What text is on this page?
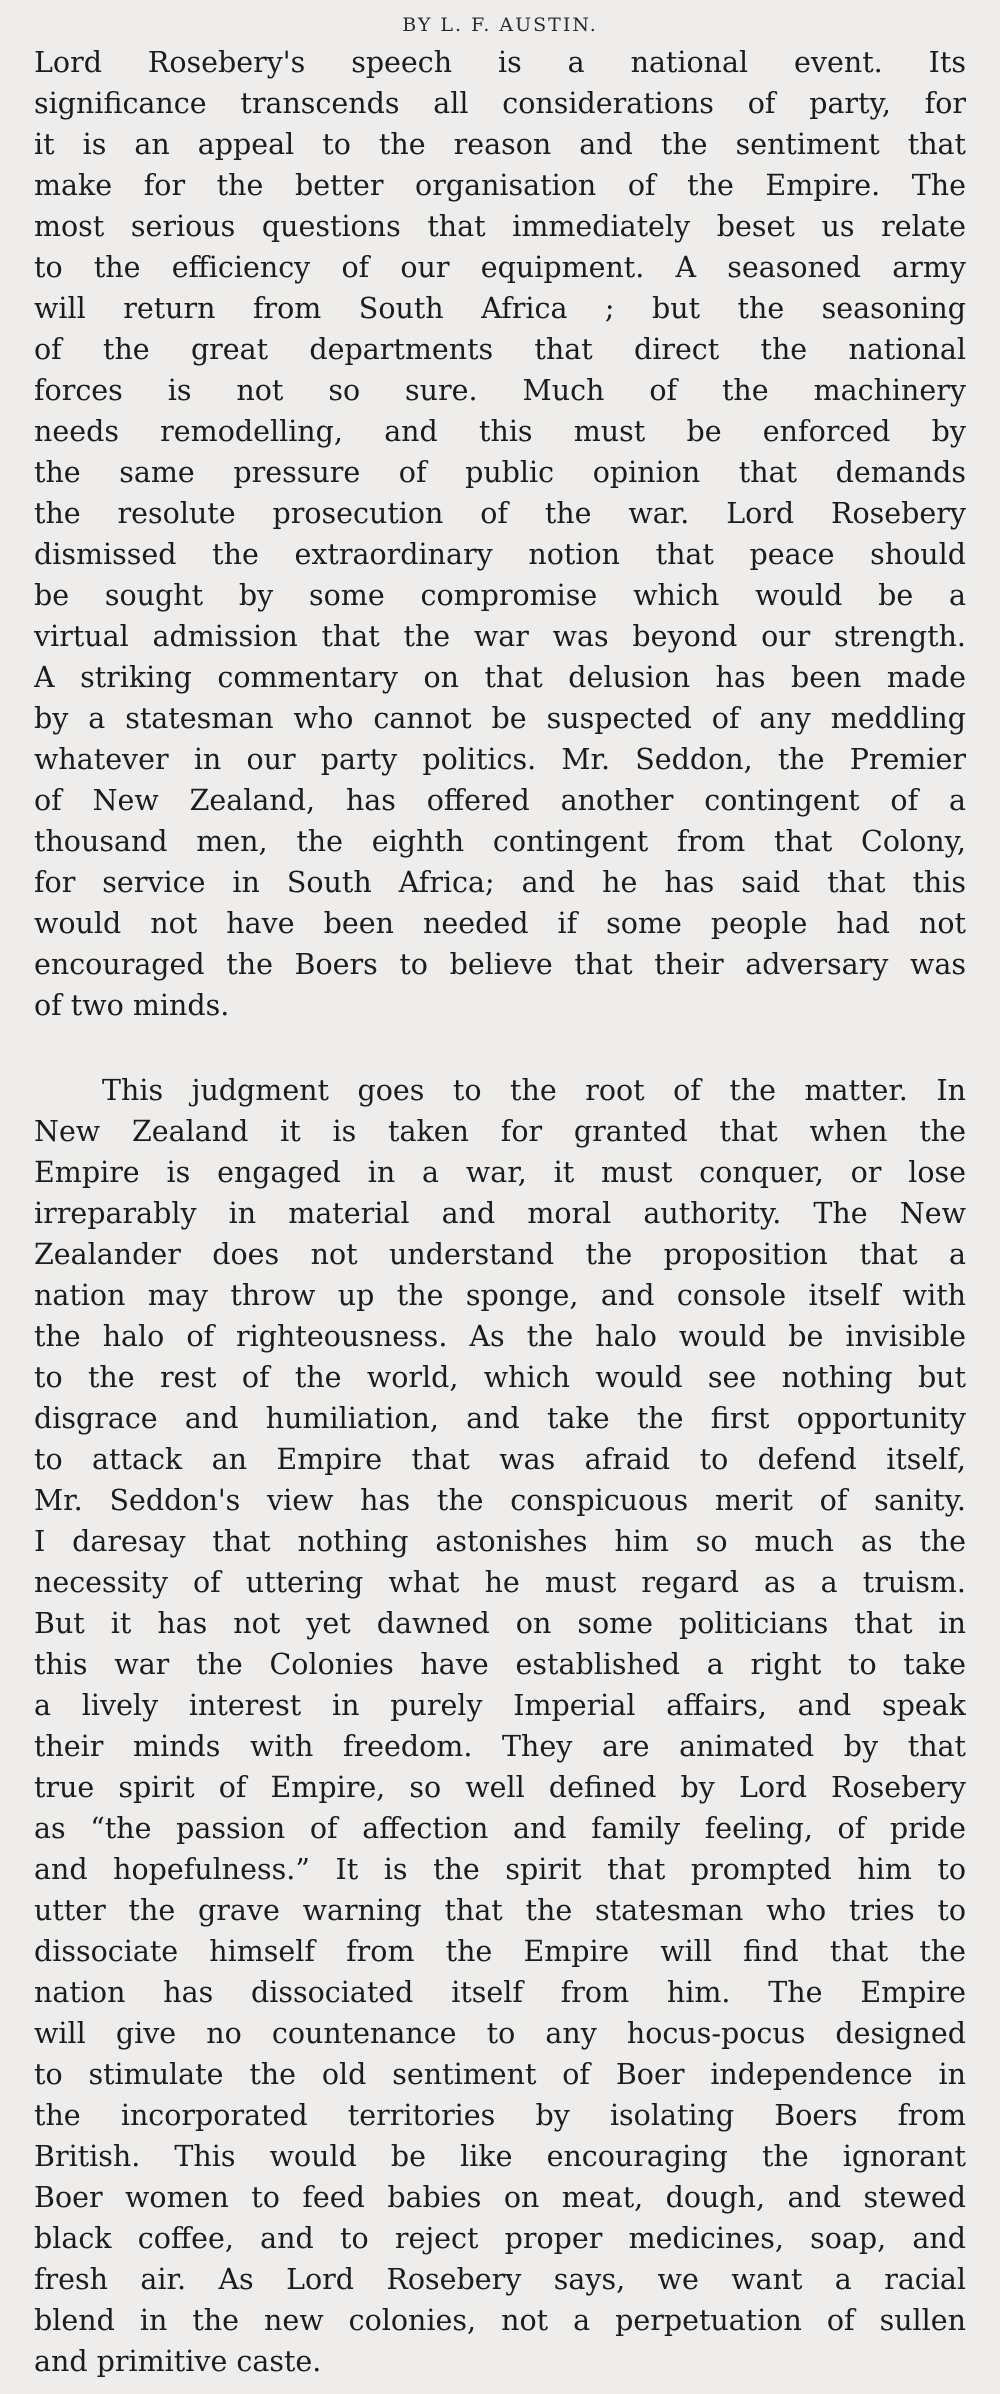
BY L. F. AUSTIN.
Lord Rosebery's speech is a national event. Its
significance transcends all considerations of party, for
it is an appeal to the reason and the sentiment that
make for the better organisation of the Empire. The
most serious questions that immediately beset us relate
to the efficiency of our equipment. A seasoned army
will return from South Africa ; but the seasoning
of the great departments that direct the national
forces is not so sure. Much of the machinery
needs remodelling, and this must be enforced by
the same pressure of public opinion that demands
the resolute prosecution of the war. Lord Rosebery
dismissed the extraordinary notion that peace should
be sought by some compromise which would be a
virtual admission that the war was beyond our strength.
A striking commentary on that delusion has been made
by a statesman who cannot be suspected of any meddling
whatever in our party politics. Mr. Seddon, the Premier
of New Zealand, has offered another contingent of a
thousand men, the eighth contingent from that Colony,
for service in South Africa; and he has said that this
would not have been needed if some people had not
encouraged the Boers to believe that their adversary was
of two minds.
This judgment goes to the root of the matter. In
New Zealand it is taken for granted that when the
Empire is engaged in a war, it must conquer, or lose
irreparably in material and moral authority. The New
Zealander does not understand the proposition that a
nation may throw up the sponge, and console itself with
the halo of righteousness. As the halo would be invisible
to the rest of the world, which would see nothing but
disgrace and humiliation, and take the first opportunity
to attack an Empire that was afraid to defend itself,
Mr. Seddon's view has the conspicuous merit of sanity.
I daresay that nothing astonishes him so much as the
necessity of uttering what he must regard as a truism.
But it has not yet dawned on some politicians that in
this war the Colonies have established a right to take
a lively interest in purely Imperial affairs, and speak
their minds with freedom. They are animated by that
true spirit of Empire, so well defined by Lord Rosebery
as “the passion of affection and family feeling, of pride
and hopefulness.” It is the spirit that prompted him to
utter the grave warning that the statesman who tries to
dissociate himself from the Empire will find that the
nation has dissociated itself from him. The Empire
will give no countenance to any hocus-pocus designed
to stimulate the old sentiment of Boer independence in
the incorporated territories by isolating Boers from
British. This would be like encouraging the ignorant
Boer women to feed babies on meat, dough, and stewed
black coffee, and to reject proper medicines, soap, and
fresh air. As Lord Rosebery says, we want a racial
blend in the new colonies, not a perpetuation of sullen
and primitive caste.
